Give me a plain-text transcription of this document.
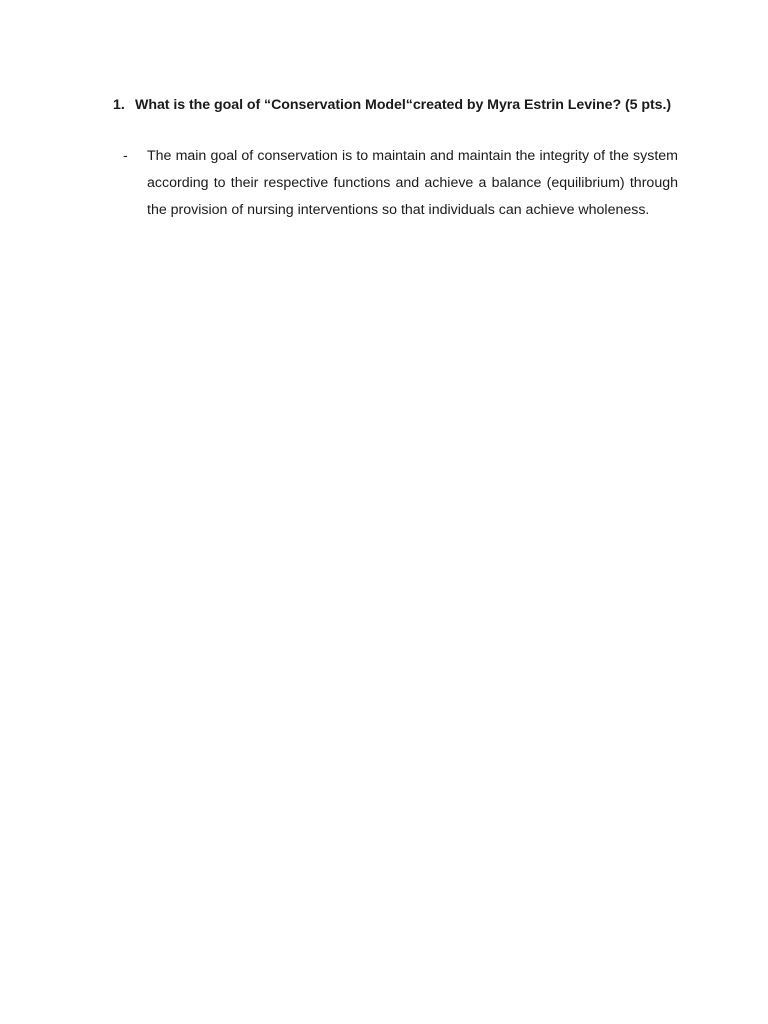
1. What is the goal of “Conservation Model“created by Myra Estrin Levine? (5 pts.)
-	The main goal of conservation is to maintain and maintain the integrity of the system according to their respective functions and achieve a balance (equilibrium) through the provision of nursing interventions so that individuals can achieve wholeness.
